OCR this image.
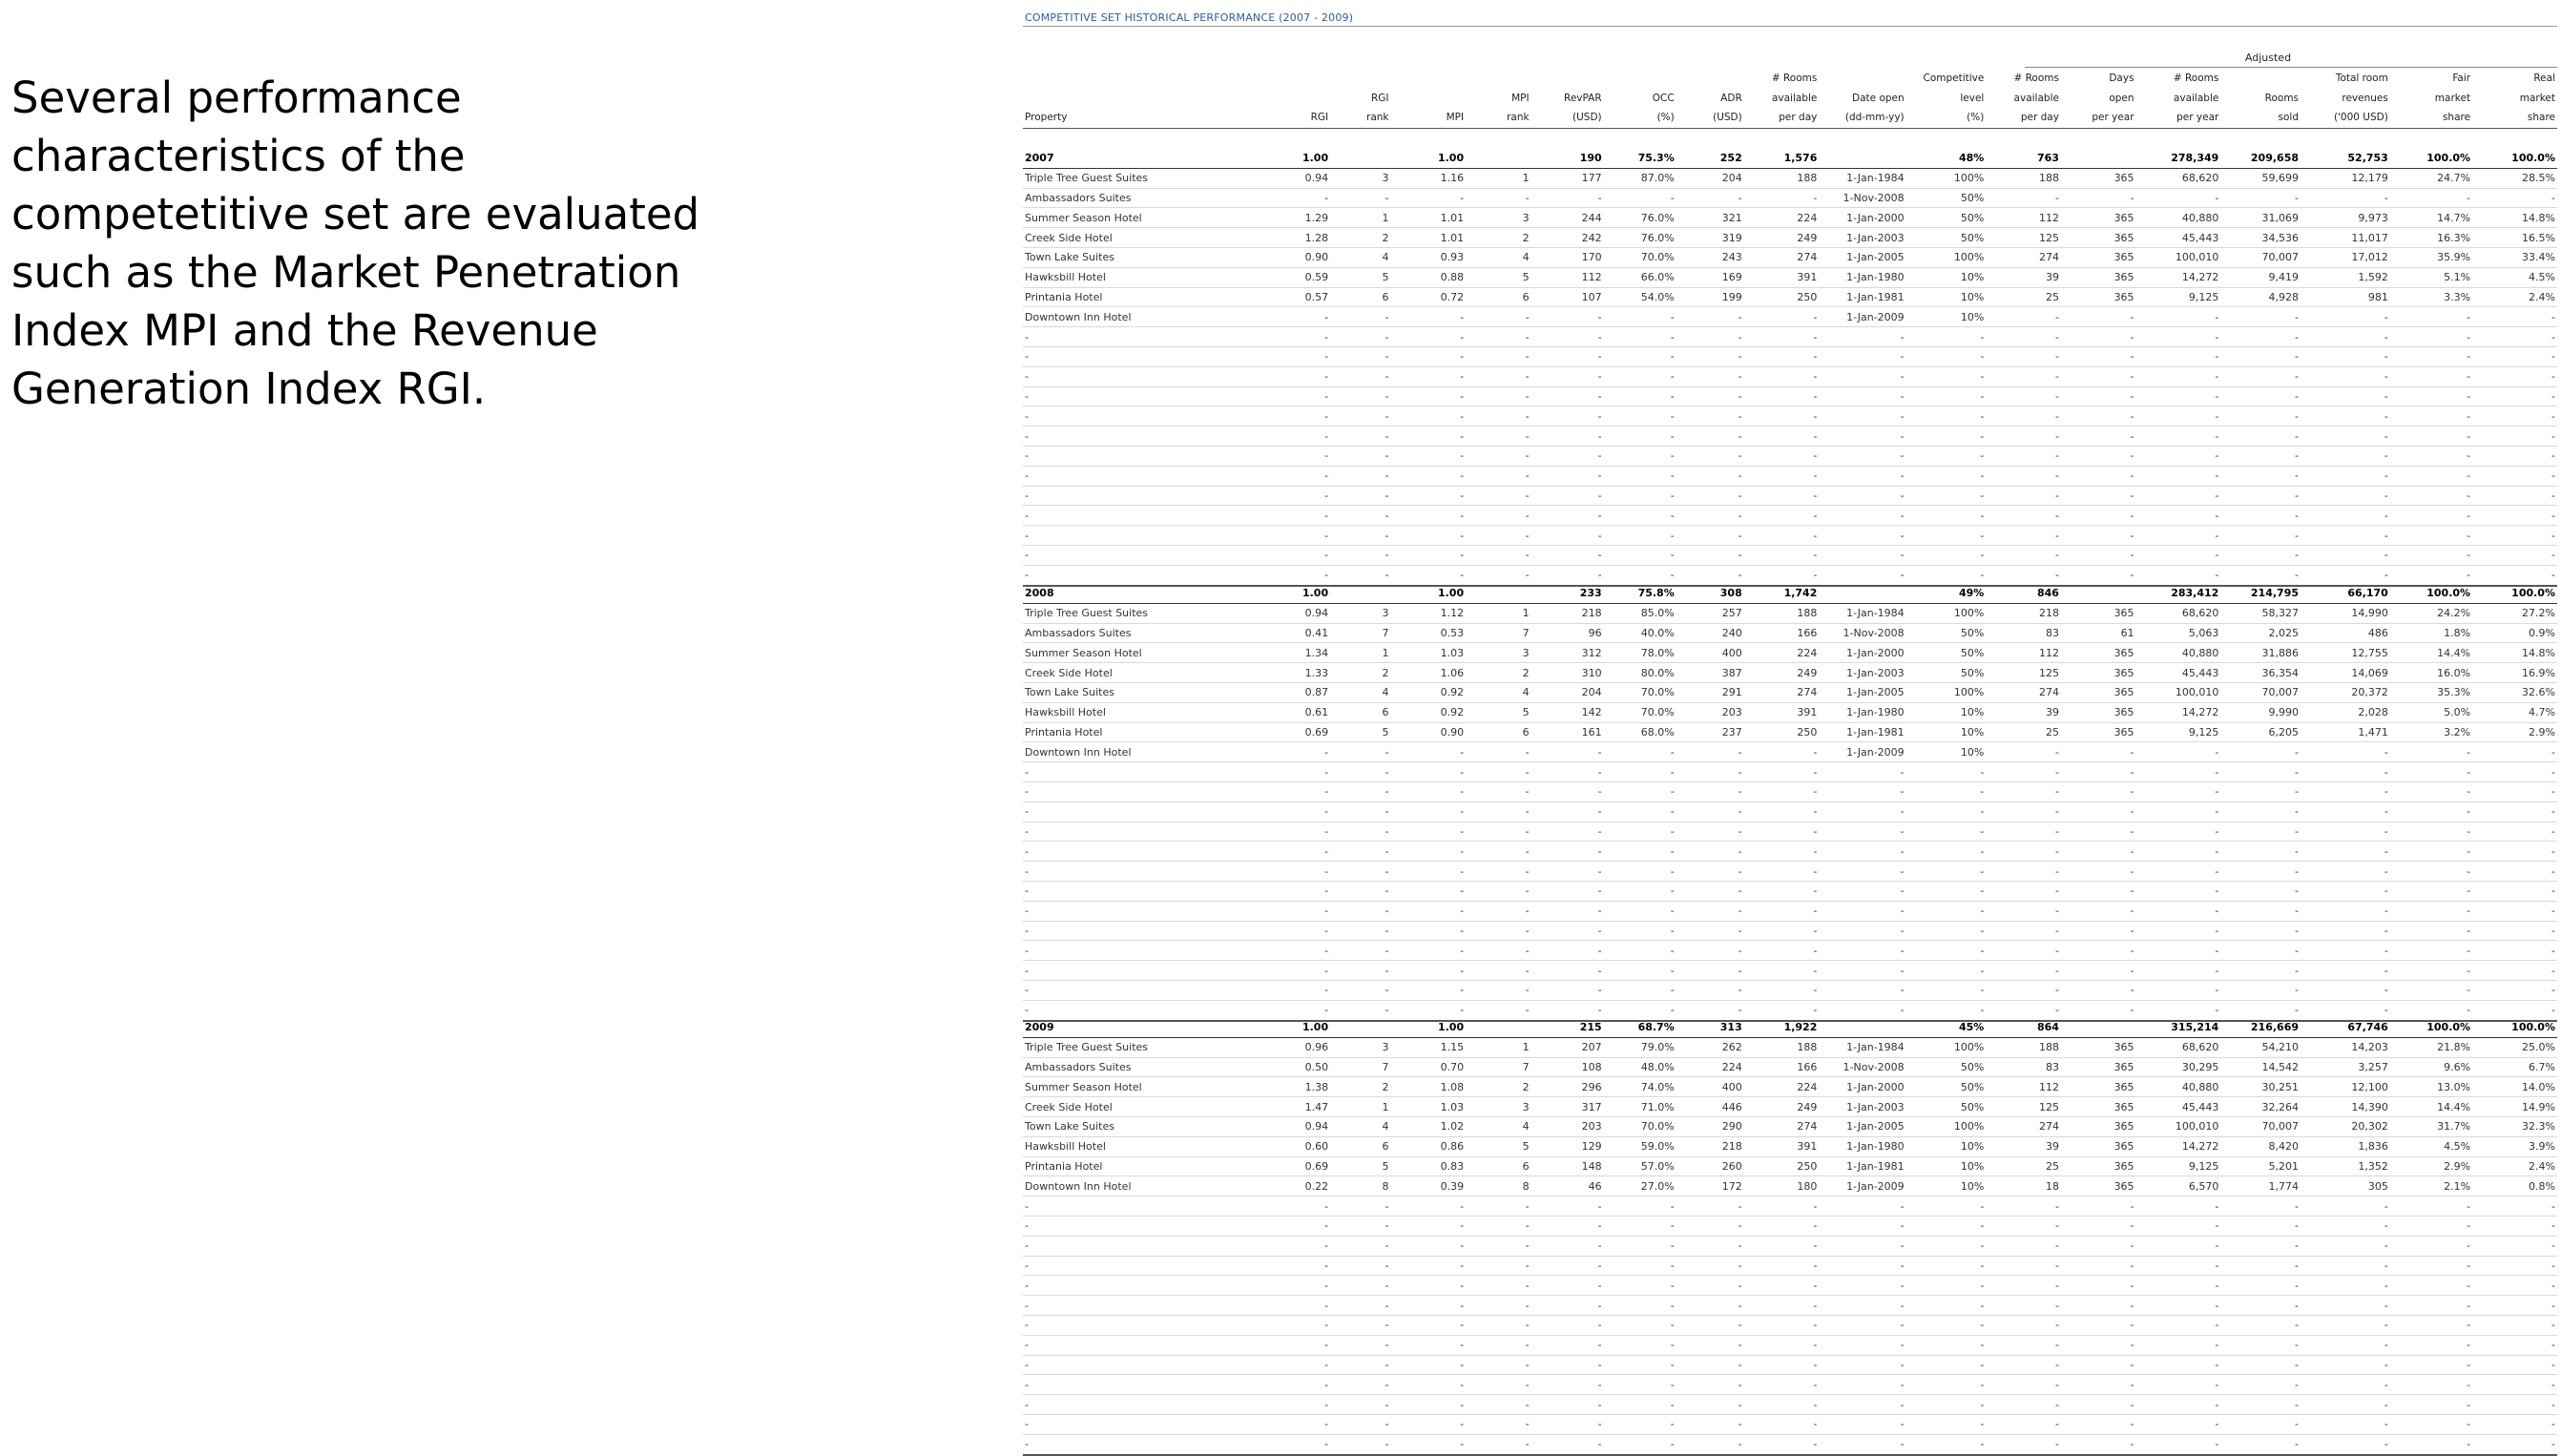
Several performance characteristics of the competetitive set are evaluated such as the Market Penetration Index MPI and the Revenue Generation Index RGI.
COMPETITIVE SET HISTORICAL PERFORMANCE (2007 - 2009)
Adjusted
								# Rooms		Competitive	# Rooms	Days	# Rooms		Total room	Fair	Real
		RGI		MPI	RevPAR	OCC	ADR	available	Date open	level	available	open	available	Rooms	revenues	market	market
Property	RGI	rank	MPI	rank	(USD)	(%)	(USD)	per day	(dd-mm-yy)	(%)	per day	per year	per year	sold	('000 USD)	share	share
2007	1.00		1.00		190	75.3%	252	1,576		48%	763		278,349	209,658	52,753	100.0%	100.0%
Triple Tree Guest Suites	0.94	3	1.16	1	177	87.0%	204	188	1-Jan-1984	100%	188	365	68,620	59,699	12,179	24.7%	28.5%
Ambassadors Suites	-	-	-	-	-	-	-	-	1-Nov-2008	50%	-	-	-	-	-	-	-
Summer Season Hotel	1.29	1	1.01	3	244	76.0%	321	224	1-Jan-2000	50%	112	365	40,880	31,069	9,973	14.7%	14.8%
Creek Side Hotel	1.28	2	1.01	2	242	76.0%	319	249	1-Jan-2003	50%	125	365	45,443	34,536	11,017	16.3%	16.5%
Town Lake Suites	0.90	4	0.93	4	170	70.0%	243	274	1-Jan-2005	100%	274	365	100,010	70,007	17,012	35.9%	33.4%
Hawksbill Hotel	0.59	5	0.88	5	112	66.0%	169	391	1-Jan-1980	10%	39	365	14,272	9,419	1,592	5.1%	4.5%
Printania Hotel	0.57	6	0.72	6	107	54.0%	199	250	1-Jan-1981	10%	25	365	9,125	4,928	981	3.3%	2.4%
Downtown Inn Hotel	-	-	-	-	-	-	-	-	1-Jan-2009	10%	-	-	-	-	-	-	-
-	-	-	-	-	-	-	-	-	-	-	-	-	-	-	-	-	-
-	-	-	-	-	-	-	-	-	-	-	-	-	-	-	-	-	-
-	-	-	-	-	-	-	-	-	-	-	-	-	-	-	-	-	-
-	-	-	-	-	-	-	-	-	-	-	-	-	-	-	-	-	-
-	-	-	-	-	-	-	-	-	-	-	-	-	-	-	-	-	-
-	-	-	-	-	-	-	-	-	-	-	-	-	-	-	-	-	-
-	-	-	-	-	-	-	-	-	-	-	-	-	-	-	-	-	-
-	-	-	-	-	-	-	-	-	-	-	-	-	-	-	-	-	-
-	-	-	-	-	-	-	-	-	-	-	-	-	-	-	-	-	-
-	-	-	-	-	-	-	-	-	-	-	-	-	-	-	-	-	-
-	-	-	-	-	-	-	-	-	-	-	-	-	-	-	-	-	-
-	-	-	-	-	-	-	-	-	-	-	-	-	-	-	-	-	-
-	-	-	-	-	-	-	-	-	-	-	-	-	-	-	-	-	-
2008	1.00		1.00		233	75.8%	308	1,742		49%	846		283,412	214,795	66,170	100.0%	100.0%
Triple Tree Guest Suites	0.94	3	1.12	1	218	85.0%	257	188	1-Jan-1984	100%	218	365	68,620	58,327	14,990	24.2%	27.2%
Ambassadors Suites	0.41	7	0.53	7	96	40.0%	240	166	1-Nov-2008	50%	83	61	5,063	2,025	486	1.8%	0.9%
Summer Season Hotel	1.34	1	1.03	3	312	78.0%	400	224	1-Jan-2000	50%	112	365	40,880	31,886	12,755	14.4%	14.8%
Creek Side Hotel	1.33	2	1.06	2	310	80.0%	387	249	1-Jan-2003	50%	125	365	45,443	36,354	14,069	16.0%	16.9%
Town Lake Suites	0.87	4	0.92	4	204	70.0%	291	274	1-Jan-2005	100%	274	365	100,010	70,007	20,372	35.3%	32.6%
Hawksbill Hotel	0.61	6	0.92	5	142	70.0%	203	391	1-Jan-1980	10%	39	365	14,272	9,990	2,028	5.0%	4.7%
Printania Hotel	0.69	5	0.90	6	161	68.0%	237	250	1-Jan-1981	10%	25	365	9,125	6,205	1,471	3.2%	2.9%
Downtown Inn Hotel	-	-	-	-	-	-	-	-	1-Jan-2009	10%	-	-	-	-	-	-	-
-	-	-	-	-	-	-	-	-	-	-	-	-	-	-	-	-	-
-	-	-	-	-	-	-	-	-	-	-	-	-	-	-	-	-	-
-	-	-	-	-	-	-	-	-	-	-	-	-	-	-	-	-	-
-	-	-	-	-	-	-	-	-	-	-	-	-	-	-	-	-	-
-	-	-	-	-	-	-	-	-	-	-	-	-	-	-	-	-	-
-	-	-	-	-	-	-	-	-	-	-	-	-	-	-	-	-	-
-	-	-	-	-	-	-	-	-	-	-	-	-	-	-	-	-	-
-	-	-	-	-	-	-	-	-	-	-	-	-	-	-	-	-	-
-	-	-	-	-	-	-	-	-	-	-	-	-	-	-	-	-	-
-	-	-	-	-	-	-	-	-	-	-	-	-	-	-	-	-	-
-	-	-	-	-	-	-	-	-	-	-	-	-	-	-	-	-	-
-	-	-	-	-	-	-	-	-	-	-	-	-	-	-	-	-	-
-	-	-	-	-	-	-	-	-	-	-	-	-	-	-	-	-	-
2009	1.00		1.00		215	68.7%	313	1,922		45%	864		315,214	216,669	67,746	100.0%	100.0%
Triple Tree Guest Suites	0.96	3	1.15	1	207	79.0%	262	188	1-Jan-1984	100%	188	365	68,620	54,210	14,203	21.8%	25.0%
Ambassadors Suites	0.50	7	0.70	7	108	48.0%	224	166	1-Nov-2008	50%	83	365	30,295	14,542	3,257	9.6%	6.7%
Summer Season Hotel	1.38	2	1.08	2	296	74.0%	400	224	1-Jan-2000	50%	112	365	40,880	30,251	12,100	13.0%	14.0%
Creek Side Hotel	1.47	1	1.03	3	317	71.0%	446	249	1-Jan-2003	50%	125	365	45,443	32,264	14,390	14.4%	14.9%
Town Lake Suites	0.94	4	1.02	4	203	70.0%	290	274	1-Jan-2005	100%	274	365	100,010	70,007	20,302	31.7%	32.3%
Hawksbill Hotel	0.60	6	0.86	5	129	59.0%	218	391	1-Jan-1980	10%	39	365	14,272	8,420	1,836	4.5%	3.9%
Printania Hotel	0.69	5	0.83	6	148	57.0%	260	250	1-Jan-1981	10%	25	365	9,125	5,201	1,352	2.9%	2.4%
Downtown Inn Hotel	0.22	8	0.39	8	46	27.0%	172	180	1-Jan-2009	10%	18	365	6,570	1,774	305	2.1%	0.8%
-	-	-	-	-	-	-	-	-	-	-	-	-	-	-	-	-	-
-	-	-	-	-	-	-	-	-	-	-	-	-	-	-	-	-	-
-	-	-	-	-	-	-	-	-	-	-	-	-	-	-	-	-	-
-	-	-	-	-	-	-	-	-	-	-	-	-	-	-	-	-	-
-	-	-	-	-	-	-	-	-	-	-	-	-	-	-	-	-	-
-	-	-	-	-	-	-	-	-	-	-	-	-	-	-	-	-	-
-	-	-	-	-	-	-	-	-	-	-	-	-	-	-	-	-	-
-	-	-	-	-	-	-	-	-	-	-	-	-	-	-	-	-	-
-	-	-	-	-	-	-	-	-	-	-	-	-	-	-	-	-	-
-	-	-	-	-	-	-	-	-	-	-	-	-	-	-	-	-	-
-	-	-	-	-	-	-	-	-	-	-	-	-	-	-	-	-	-
-	-	-	-	-	-	-	-	-	-	-	-	-	-	-	-	-	-
-	-	-	-	-	-	-	-	-	-	-	-	-	-	-	-	-	-
